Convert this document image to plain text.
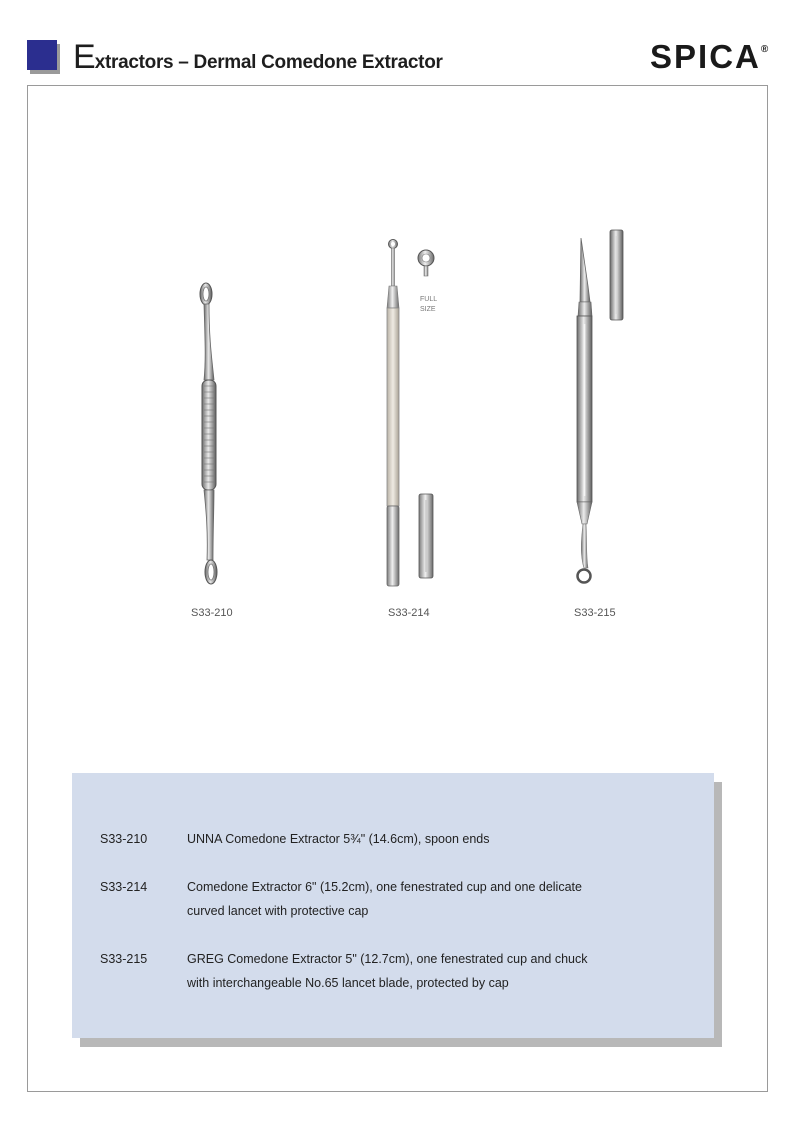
Extractors – Dermal Comedone Extractor	SPICA®
S33-210
FULL
SIZE
S33-214	S33-215
S33-210	UNNA Comedone Extractor 5¾" (14.6cm), spoon ends
S33-214	Comedone Extractor 6" (15.2cm), one fenestrated cup and one delicate
curved lancet with protective cap
S33-215	GREG Comedone Extractor 5" (12.7cm), one fenestrated cup and chuck
with interchangeable No.65 lancet blade, protected by cap
